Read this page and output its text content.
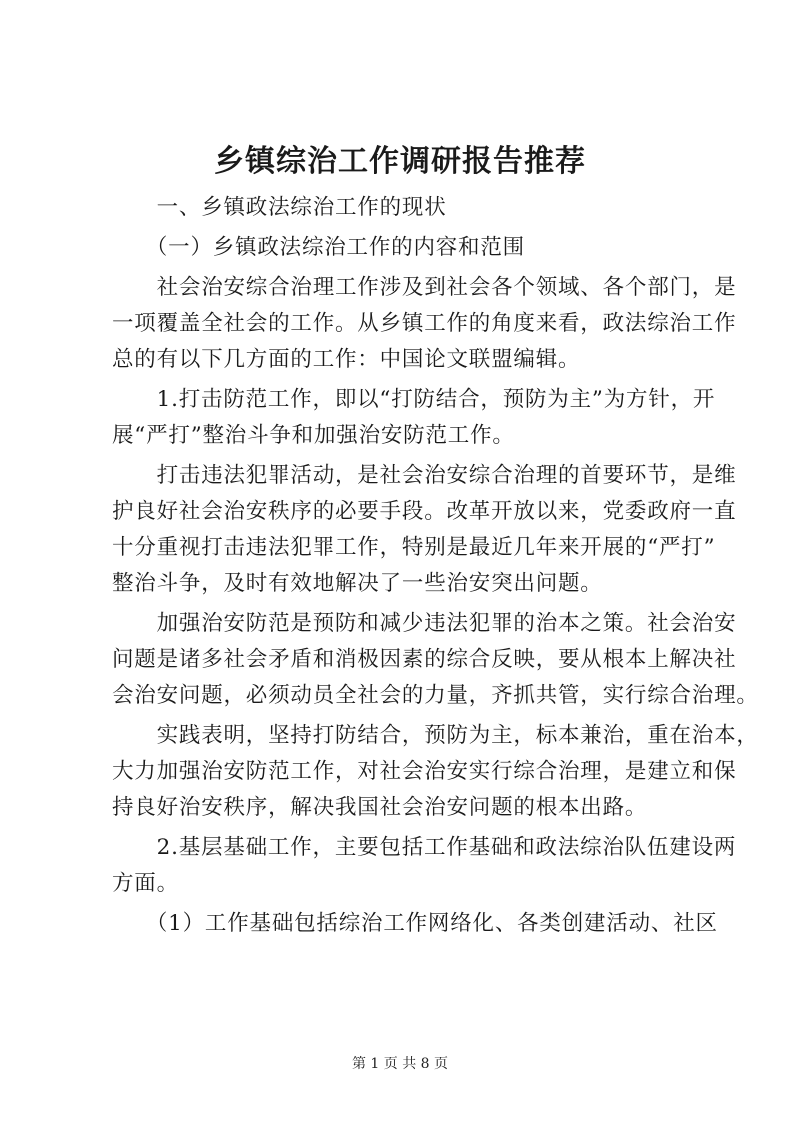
乡镇综治工作调研报告推荐
　　一、乡镇政法综治工作的现状
　　（一）乡镇政法综治工作的内容和范围
　　社会治安综合治理工作涉及到社会各个领域、各个部门，是
一项覆盖全社会的工作。从乡镇工作的角度来看，政法综治工作
总的有以下几方面的工作：中国论文联盟编辑。
　　1.打击防范工作，即以“打防结合，预防为主”为方针，开
展“严打”整治斗争和加强治安防范工作。
　　打击违法犯罪活动，是社会治安综合治理的首要环节，是维
护良好社会治安秩序的必要手段。改革开放以来，党委政府一直
十分重视打击违法犯罪工作，特别是最近几年来开展的“严打”
整治斗争，及时有效地解决了一些治安突出问题。
　　加强治安防范是预防和减少违法犯罪的治本之策。社会治安
问题是诸多社会矛盾和消极因素的综合反映，要从根本上解决社
会治安问题，必须动员全社会的力量，齐抓共管，实行综合治理。
　　实践表明，坚持打防结合，预防为主，标本兼治，重在治本，
大力加强治安防范工作，对社会治安实行综合治理，是建立和保
持良好治安秩序，解决我国社会治安问题的根本出路。
　　2.基层基础工作，主要包括工作基础和政法综治队伍建设两
方面。
　　（1）工作基础包括综治工作网络化、各类创建活动、社区
第 1 页 共 8 页
